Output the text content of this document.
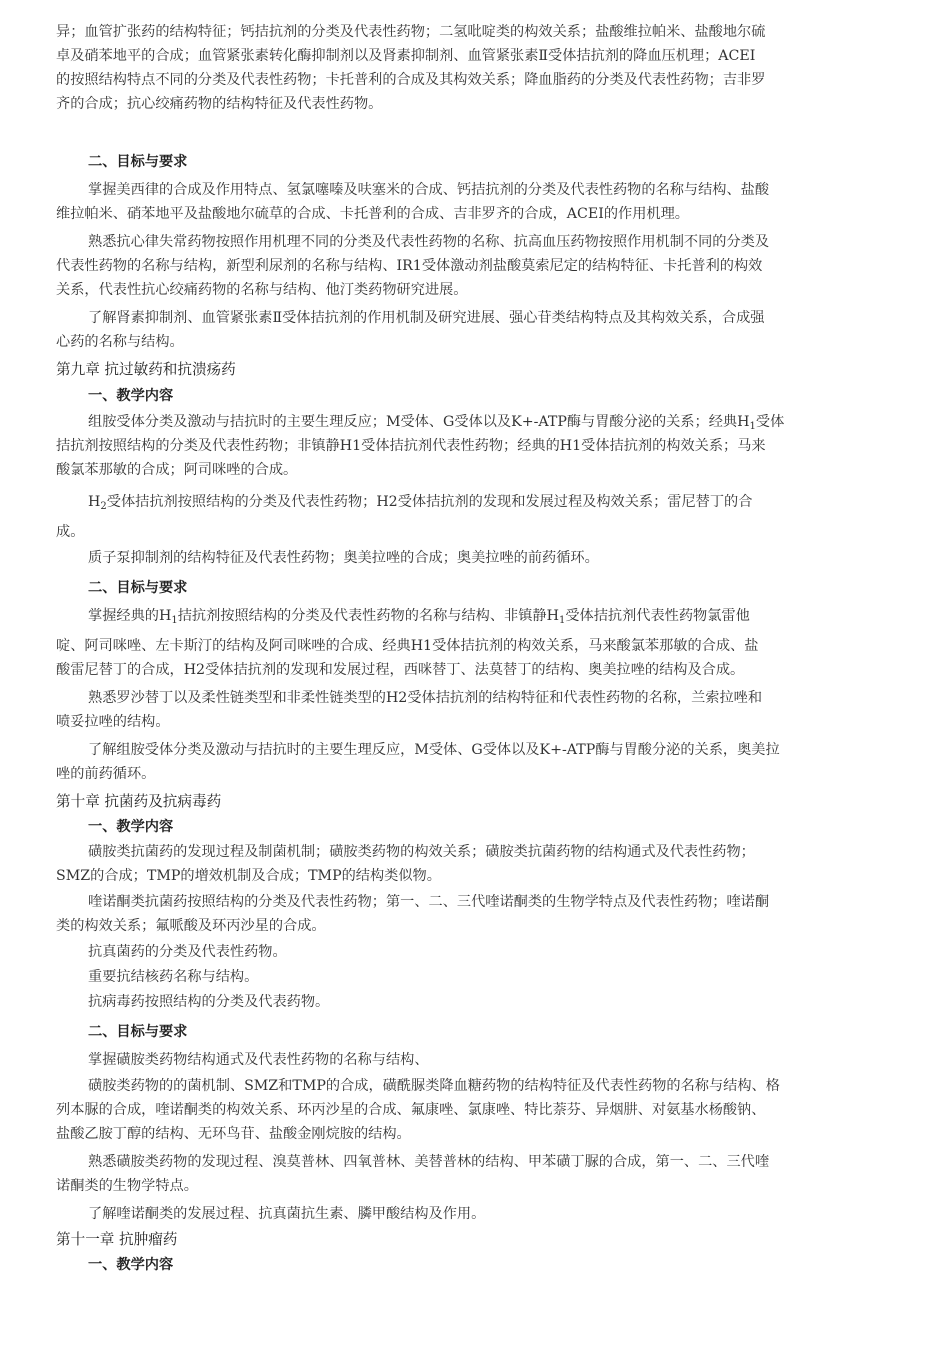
异；血管扩张药的结构特征；钙拮抗剂的分类及代表性药物；二氢吡啶类的构效关系；盐酸维拉帕米、盐酸地尔硫
卓及硝苯地平的合成；血管紧张素转化酶抑制剂以及肾素抑制剂、血管紧张素Ⅱ受体拮抗剂的降血压机理；ACEI
的按照结构特点不同的分类及代表性药物；卡托普利的合成及其构效关系；降血脂药的分类及代表性药物；吉非罗
齐的合成；抗心绞痛药物的结构特征及代表性药物。
二、目标与要求
掌握美西律的合成及作用特点、氢氯噻嗪及呋塞米的合成、钙拮抗剂的分类及代表性药物的名称与结构、盐酸
维拉帕米、硝苯地平及盐酸地尔硫草的合成、卡托普利的合成、吉非罗齐的合成，ACEI的作用机理。
熟悉抗心律失常药物按照作用机理不同的分类及代表性药物的名称、抗高血压药物按照作用机制不同的分类及
代表性药物的名称与结构，新型利尿剂的名称与结构、IR1受体激动剂盐酸莫索尼定的结构特征、卡托普利的构效
关系，代表性抗心绞痛药物的名称与结构、他汀类药物研究进展。
了解肾素抑制剂、血管紧张素Ⅱ受体拮抗剂的作用机制及研究进展、强心苷类结构特点及其构效关系，合成强
心药的名称与结构。
第九章 抗过敏药和抗溃疡药
一、教学内容
组胺受体分类及激动与拮抗时的主要生理反应；M受体、G受体以及K+-ATP酶与胃酸分泌的关系；经典$H_1$受体
拮抗剂按照结构的分类及代表性药物；非镇静H1受体拮抗剂代表性药物；经典的H1受体拮抗剂的构效关系；马来
酸氯苯那敏的合成；阿司咪唑的合成。
$H_2$受体拮抗剂按照结构的分类及代表性药物；H2受体拮抗剂的发现和发展过程及构效关系；雷尼替丁的合
成。
质子泵抑制剂的结构特征及代表性药物；奥美拉唑的合成；奥美拉唑的前药循环。
二、目标与要求
掌握经典的$H_1$拮抗剂按照结构的分类及代表性药物的名称与结构、非镇静$H_1$受体拮抗剂代表性药物氯雷他
啶、阿司咪唑、左卡斯汀的结构及阿司咪唑的合成、经典H1受体拮抗剂的构效关系，马来酸氯苯那敏的合成、盐
酸雷尼替丁的合成，H2受体拮抗剂的发现和发展过程，西咪替丁、法莫替丁的结构、奥美拉唑的结构及合成。
熟悉罗沙替丁以及柔性链类型和非柔性链类型的H2受体拮抗剂的结构特征和代表性药物的名称，兰索拉唑和
喷妥拉唑的结构。
了解组胺受体分类及激动与拮抗时的主要生理反应，M受体、G受体以及K+-ATP酶与胃酸分泌的关系，奥美拉
唑的前药循环。
第十章 抗菌药及抗病毒药
一、教学内容
磺胺类抗菌药的发现过程及制菌机制；磺胺类药物的构效关系；磺胺类抗菌药物的结构通式及代表性药物；
SMZ的合成；TMP的增效机制及合成；TMP的结构类似物。
喹诺酮类抗菌药按照结构的分类及代表性药物；第一、二、三代喹诺酮类的生物学特点及代表性药物；喹诺酮
类的构效关系；氟哌酸及环丙沙星的合成。
抗真菌药的分类及代表性药物。
重要抗结核药名称与结构。
抗病毒药按照结构的分类及代表药物。
二、目标与要求
掌握磺胺类药物结构通式及代表性药物的名称与结构、
磺胺类药物的的菌机制、SMZ和TMP的合成，磺酰脲类降血糖药物的结构特征及代表性药物的名称与结构、格
列本脲的合成，喹诺酮类的构效关系、环丙沙星的合成、氟康唑、氯康唑、特比萘芬、异烟肼、对氨基水杨酸钠、
盐酸乙胺丁醇的结构、无环鸟苷、盐酸金刚烷胺的结构。
熟悉磺胺类药物的发现过程、溴莫普林、四氧普林、美替普林的结构、甲苯磺丁脲的合成，第一、二、三代喹
诺酮类的生物学特点。
了解喹诺酮类的发展过程、抗真菌抗生素、膦甲酸结构及作用。
第十一章 抗肿瘤药
一、教学内容
